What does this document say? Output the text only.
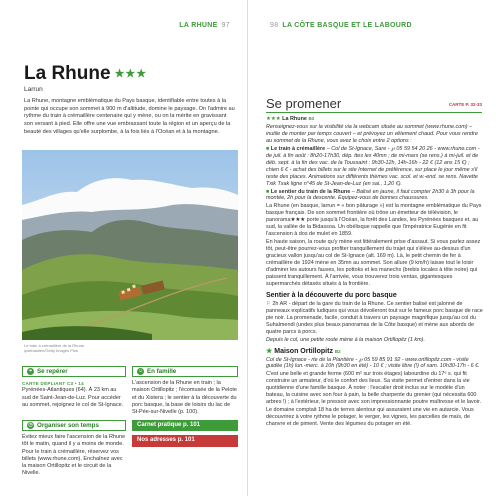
LA RHUNE 97
La Rhune ★★★
Larrun
La Rhune, montagne emblématique du Pays basque, identifiable entre toutes à la pointe qui occupe son sommet à 900 m d'altitude, domine le paysage. On l'admire au rythme du train à crémaillère centenaire qui y mène, ou on la mérite en gravissant son versant à pied. Elle offre une vue embrassant toute la région et un aperçu de la beauté des villages qu'elle surplombe, à la fois liés à l'Océan et à la montagne.
Le train à crémaillère de la Rhune.
ipsebastien/Getty Images Plus
⌖ Se repérer
CARTE DÉPLIANT C3 • 14
Pyrénées-Atlantiques (64). À 23 km au sud de Saint-Jean-de-Luz. Pour accéder au sommet, rejoignez le col de St-Ignace.
◷ Organiser son temps
Évitez mieux faire l'ascension de la Rhune tôt le matin, quand il y a moins de monde. Pour le train à crémaillère, réservez vos billets (www.rhune.com). Enchaînez avec la maison Ortillopitz et le circuit de la Nivelle.
☺ En famille
L'ascension de la Rhune en train ; la maison Ortillopitz ; l'écomusée de la Pelote et du Xistera ; le sentier à la découverte du porc basque, la base de loisirs du lac de St-Pée-sur-Nivelle (p. 100).
Carnet pratique p. 101
Nos adresses p. 101
98 LA CÔTE BASQUE ET LE LABOURD
Se promener	CARTE P. 32-33

★★★ La Rhune B3

Renseignez-vous sur la visibilité via la webcam située au sommet (www.rhune.com) – inutile de monter par temps couvert – et prévoyez un vêtement chaud. Pour vous rendre au sommet de la Rhune, vous avez le choix entre 2 options :

■ Le train à crémaillère – Col de St-Ignace, Sare - ℘ 05 59 54 20 26 - www.rhune.com - de juil. à fin août : 8h20-17h30, dép. ttes les 40mn ; de mi-mars (se rens.) à mi-juil. et de déb. sept. à la fin des vac. de la Toussaint : 9h30-12h, 14h-16h - 22 € (12 ans 15 €) ; chien 6 € - achat des billets sur le site Internet de préférence, sur place le jour même s'il reste des places. Animations sur différents thèmes vac. scol. et w.-end. se rens. Navette Txik Txak ligne n°45 de St-Jean-de-Luz (en sai., 1,20 €).

■ Le sentier du train de la Rhune – Balisé en jaune, il faut compter 2h30 à 3h pour la montée, 2h pour la descente. Équipez-vous de bonnes chaussures.

La Rhune (en basque, larrun = « bon pâturage ») est la montagne emblématique du Pays basque français. De son sommet frontière où trône un émetteur de télévision, le panorama★★★ porte jusqu'à l'Océan, la forêt des Landes, les Pyrénées basques et, au sud, la vallée de la Bidassoa. Un obélisque rappelle que l'impératrice Eugénie en fit l'ascension à dos de mulet en 1859.

En haute saison, la route qu'y mène est littéralement prise d'assaut. Si vous parlez assez tôt, peut-être pourrez-vous profiter tranquillement du trajet qui s'élève au-dessus d'un gracieux vallon jusqu'au col de St-Ignace (alt. 169 m). Là, le petit chemin de fer à crémaillère de 1924 mène en 35mn au sommet. Son allure (9 km/h) laisse tout le loisir d'admirer les autours fauves, les pottoks et les manechs (brebis locales à tête noire) qui paissent tranquillement. À l'arrivée, vous trouverez trois ventas, gigantesques supermarchés détaxés situés à la frontière.

Sentier à la découverte du porc basque

⚐ 2h AR - départ de la gare du train de la Rhune. Ce sentier balisé est jalonné de panneaux explicatifs ludiques qui vous dévoileront tout sur le fameux porc basque de race pie noir. La promenade, facile, conduit à travers un paysage magnifique jusqu'au col du Suhalmendi (undes plus beaux panoramas de la Côte basque) et mène aux abords de quatre parcs à porcs.

Depuis le col, une petite route mène à la maison Ortillopitz (1 km).

★ Maison Ortillopitz B2

Col de St-Ignace - rte de la Plantière - ℘ 05 59 85 91 92 - www.ortillopitz.com - visite guidée (1h) lun.-merc. à 10h (9h30 en été) - 10 € ; visite libre (!) of sam. 10h30-17h - 6 €.

C'est une belle et grande ferme (600 m² sur trois étages) labourdine du 17ᵉ s. qui fit construire un armateur, d'où le confort des lieux. Sa visite permet d'entrer dans la vie quotidienne d'une famille basque. À noter : l'escalier droit inclus sur le modèle d'un bateau, la cuisine avec son four à pain, la belle charpente du grenier (qui nécessita 600 arbres !) ; à l'extérieur, le pressoir avec son impressionnante poutre maîtresse et le lavoir.

Le domaine comptait 18 ha de terres alentour qui assuraient une vie en autarcie. Vous découvrirez à votre rythme le potager, le verger, les vignes, les parcelles de maïs, de chanvre et de piment. Vente des légumes du potager en été.
